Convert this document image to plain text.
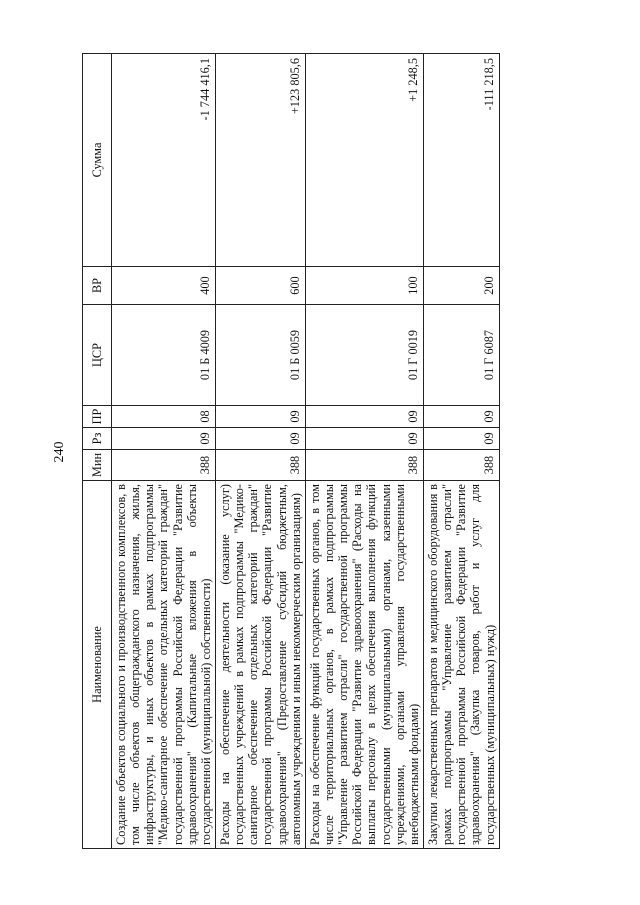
240
Наименование	Мин	Рз	ПР	ЦСР	ВР	Сумма
Создание объектов социального и производственного комплексов, в том числе объектов общегражданского назначения, жилья, инфраструктуры, и иных объектов в рамках подпрограммы "Медико-санитарное обеспечение отдельных категорий граждан" государственной программы Российской Федерации "Развитие здравоохранения" (Капитальные вложения в объекты государственной (муниципальной) собственности)	388	09	08	01 Б 4009	400	-1 744 416,1
Расходы на обеспечение деятельности (оказание услуг) государственных учреждений в рамках подпрограммы "Медико-санитарное обеспечение отдельных категорий граждан" государственной программы Российской Федерации "Развитие здравоохранения" (Предоставление субсидий бюджетным, автономным учреждениям и иным некоммерческим организациям)	388	09	09	01 Б 0059	600	+123 805,6
Расходы на обеспечение функций государственных органов, в том числе территориальных органов, в рамках подпрограммы "Управление развитием отрасли" государственной программы Российской Федерации "Развитие здравоохранения" (Расходы на выплаты персоналу в целях обеспечения выполнения функций государственными (муниципальными) органами, казенными учреждениями, органами управления государственными внебюджетными фондами)	388	09	09	01 Г 0019	100	+1 248,5
Закупки лекарственных препаратов и медицинского оборудования в рамках подпрограммы "Управление развитием отрасли" государственной программы Российской Федерации "Развитие здравоохранения" (Закупка товаров, работ и услуг для государственных (муниципальных) нужд)	388	09	09	01 Г 6087	200	-111 218,5
